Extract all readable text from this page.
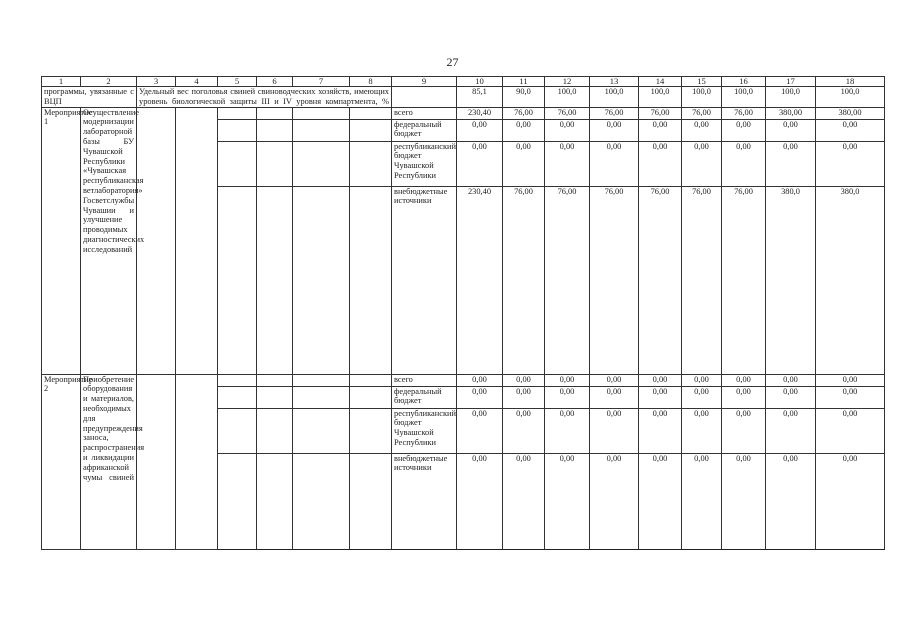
27
1	2	3	4	5	6	7	8	9	10	11	12	13	14	15	16	17	18
программы, увязанные с ВЦП		Удельный вес поголовья свиней свиноводческих хозяйств, имеющих уровень биологической защиты III и IV уровня компартмента, %							85,1	90,0	100,0	100,0	100,0	100,0	100,0	100,0	100,0
Мероприятие 1	Осуществление модернизации лабораторной базы БУ Чувашской Республики «Чувашская республиканская ветлаборатория» Госветслужбы Чувашии и улучшение проводимых диагностических исследований							всего	230,40	76,00	76,00	76,00	76,00	76,00	76,00	380,00	380,00
								федеральный бюджет	0,00	0,00	0,00	0,00	0,00	0,00	0,00	0,00	0,00
								республиканский бюджет Чувашской Республики	0,00	0,00	0,00	0,00	0,00	0,00	0,00	0,00	0,00
								внебюджетные источники	230,40	76,00	76,00	76,00	76,00	76,00	76,00	380,0	380,0
Мероприятие 2	Приобретение оборудования и материалов, необходимых для предупреждения заноса, распространения и ликвидации африканской чумы свиней							всего	0,00	0,00	0,00	0,00	0,00	0,00	0,00	0,00	0,00
								федеральный бюджет	0,00	0,00	0,00	0,00	0,00	0,00	0,00	0,00	0,00
								республиканский бюджет Чувашской Республики	0,00	0,00	0,00	0,00	0,00	0,00	0,00	0,00	0,00
								внебюджетные источники	0,00	0,00	0,00	0,00	0,00	0,00	0,00	0,00	0,00
